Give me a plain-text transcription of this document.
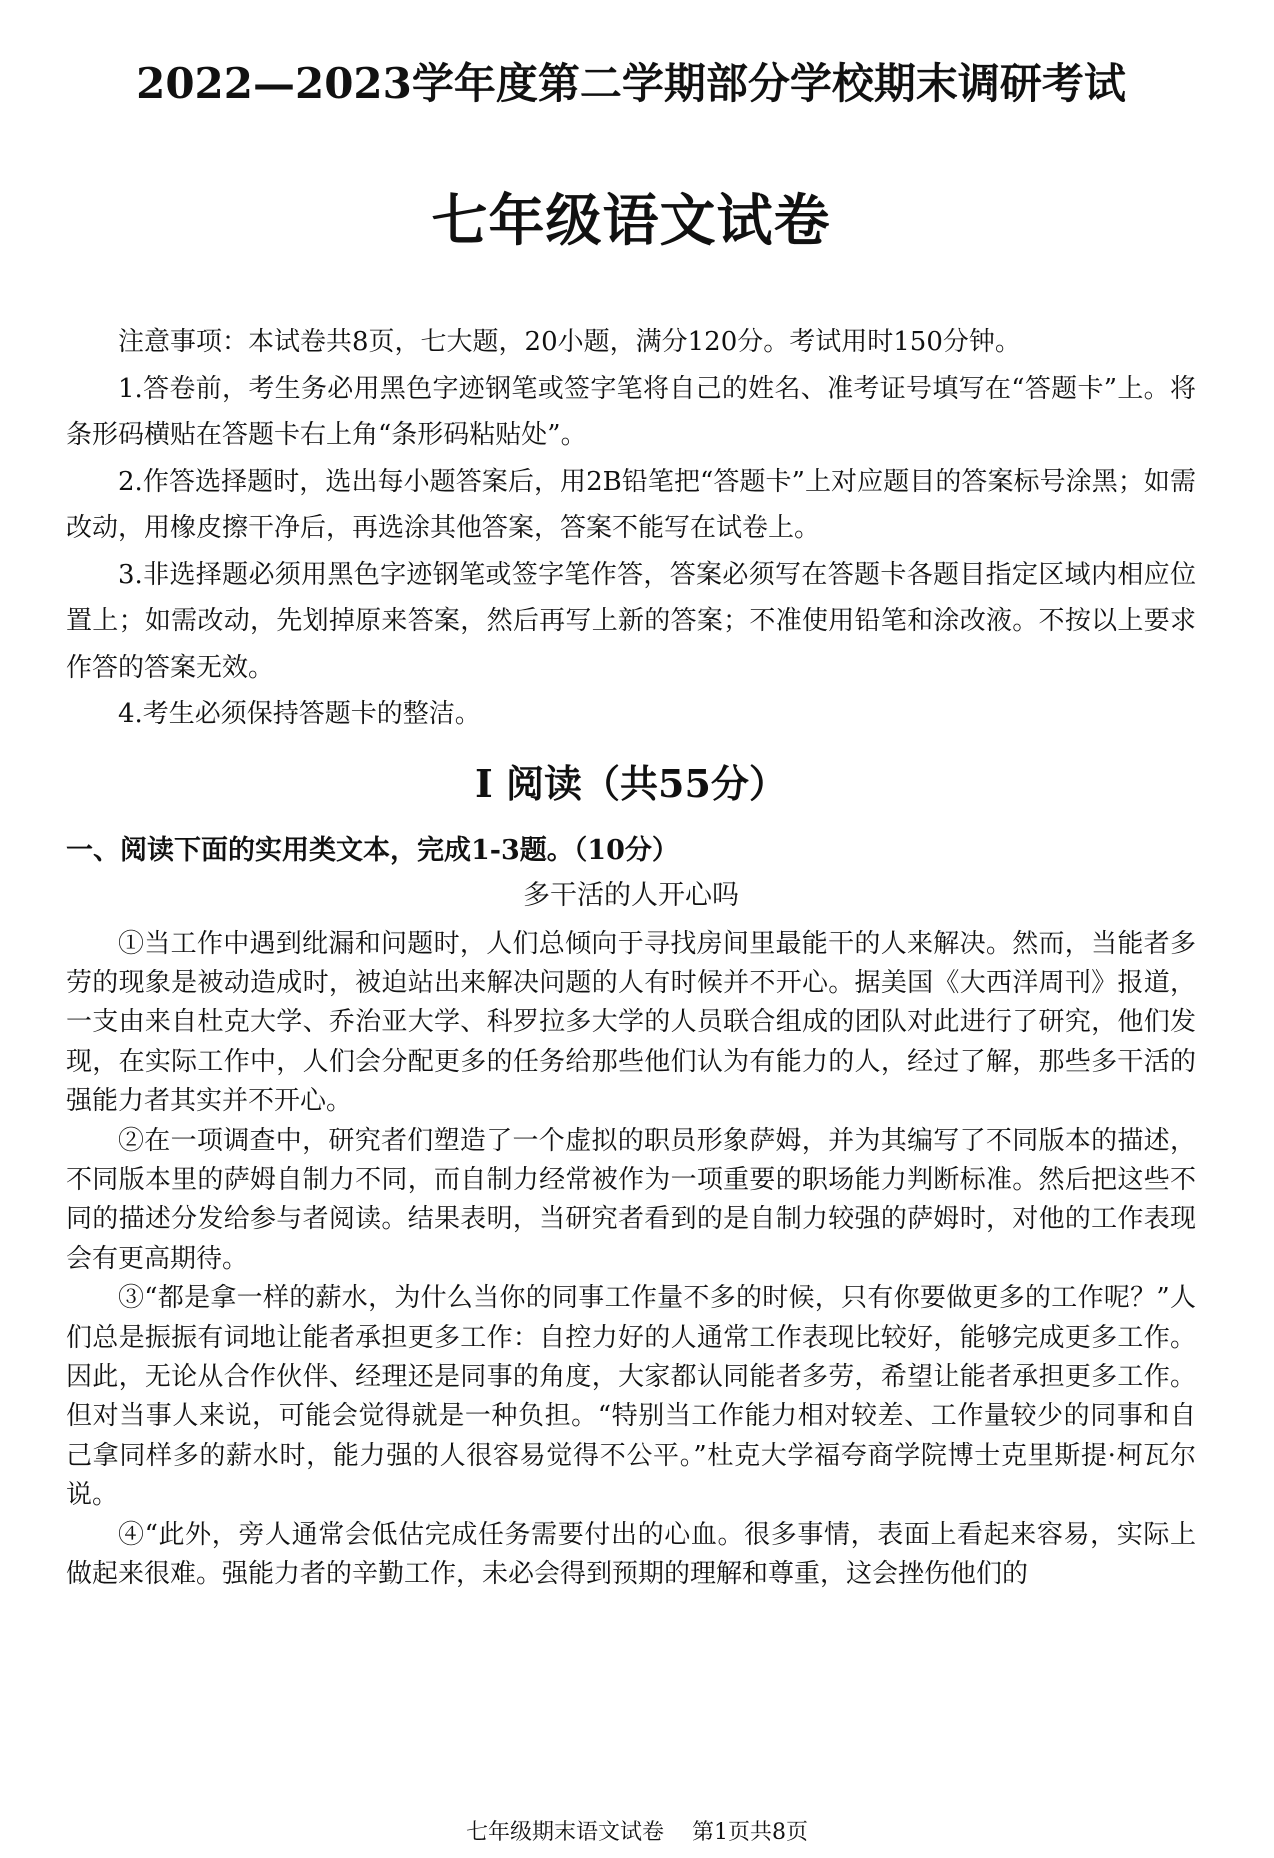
2022—2023学年度第二学期部分学校期末调研考试
七年级语文试卷

注意事项：本试卷共8页，七大题，20小题，满分120分。考试用时150分钟。

1.答卷前，考生务必用黑色字迹钢笔或签字笔将自己的姓名、准考证号填写在“答题卡”上。将条形码横贴在答题卡右上角“条形码粘贴处”。

2.作答选择题时，选出每小题答案后，用2B铅笔把“答题卡”上对应题目的答案标号涂黑；如需改动，用橡皮擦干净后，再选涂其他答案，答案不能写在试卷上。

3.非选择题必须用黑色字迹钢笔或签字笔作答，答案必须写在答题卡各题目指定区域内相应位置上；如需改动，先划掉原来答案，然后再写上新的答案；不准使用铅笔和涂改液。不按以上要求作答的答案无效。

4.考生必须保持答题卡的整洁。

Ⅰ 阅读（共55分）
一、阅读下面的实用类文本，完成1-3题。（10分）
多干活的人开心吗

①当工作中遇到纰漏和问题时，人们总倾向于寻找房间里最能干的人来解决。然而，当能者多劳的现象是被动造成时，被迫站出来解决问题的人有时候并不开心。据美国《大西洋周刊》报道，一支由来自杜克大学、乔治亚大学、科罗拉多大学的人员联合组成的团队对此进行了研究，他们发现，在实际工作中，人们会分配更多的任务给那些他们认为有能力的人，经过了解，那些多干活的强能力者其实并不开心。

②在一项调查中，研究者们塑造了一个虚拟的职员形象萨姆，并为其编写了不同版本的描述，不同版本里的萨姆自制力不同，而自制力经常被作为一项重要的职场能力判断标准。然后把这些不同的描述分发给参与者阅读。结果表明，当研究者看到的是自制力较强的萨姆时，对他的工作表现会有更高期待。

③“都是拿一样的薪水，为什么当你的同事工作量不多的时候，只有你要做更多的工作呢？”人们总是振振有词地让能者承担更多工作：自控力好的人通常工作表现比较好，能够完成更多工作。因此，无论从合作伙伴、经理还是同事的角度，大家都认同能者多劳，希望让能者承担更多工作。但对当事人来说，可能会觉得就是一种负担。“特别当工作能力相对较差、工作量较少的同事和自己拿同样多的薪水时，能力强的人很容易觉得不公平。”杜克大学福夸商学院博士克里斯提·柯瓦尔说。

④“此外，旁人通常会低估完成任务需要付出的心血。很多事情，表面上看起来容易，实际上做起来很难。强能力者的辛勤工作，未必会得到预期的理解和尊重，这会挫伤他们的

七年级期末语文试卷 第1页共8页
